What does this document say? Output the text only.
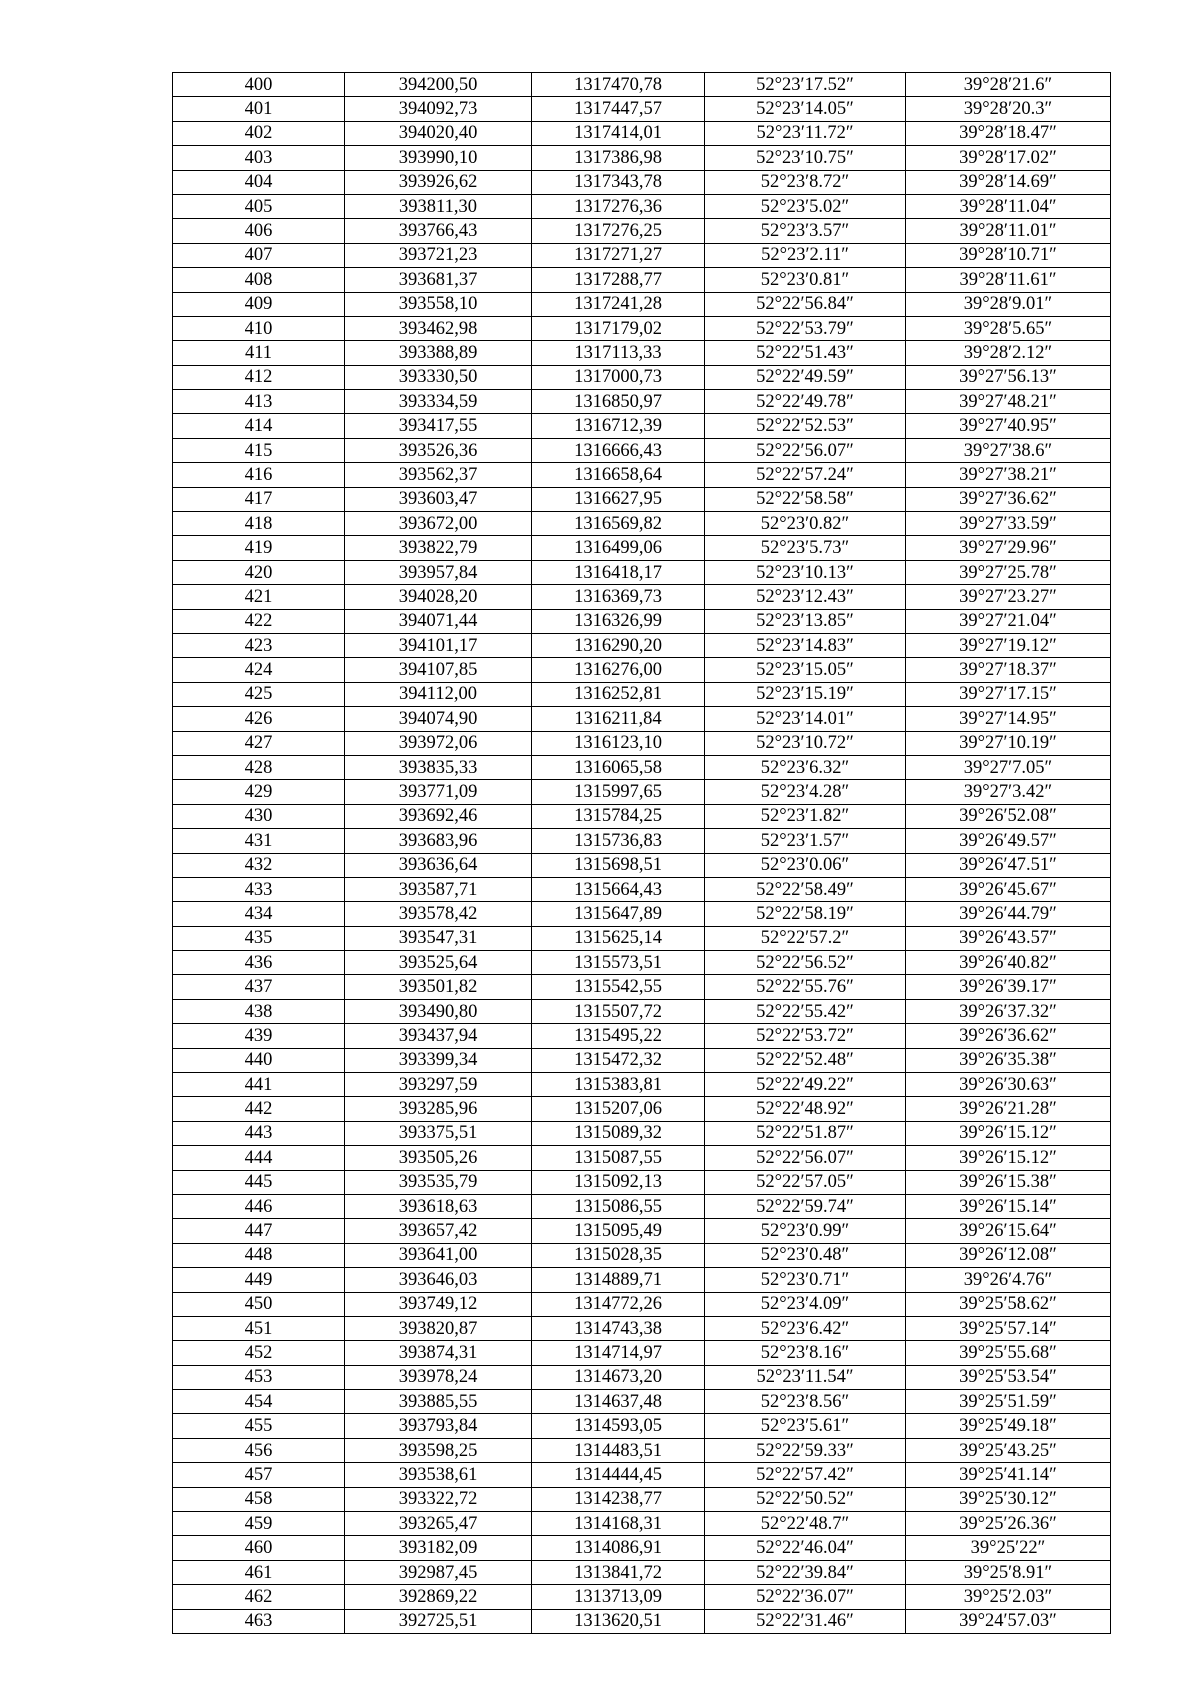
400	394200,50	1317470,78	52°23′17.52″	39°28′21.6″
401	394092,73	1317447,57	52°23′14.05″	39°28′20.3″
402	394020,40	1317414,01	52°23′11.72″	39°28′18.47″
403	393990,10	1317386,98	52°23′10.75″	39°28′17.02″
404	393926,62	1317343,78	52°23′8.72″	39°28′14.69″
405	393811,30	1317276,36	52°23′5.02″	39°28′11.04″
406	393766,43	1317276,25	52°23′3.57″	39°28′11.01″
407	393721,23	1317271,27	52°23′2.11″	39°28′10.71″
408	393681,37	1317288,77	52°23′0.81″	39°28′11.61″
409	393558,10	1317241,28	52°22′56.84″	39°28′9.01″
410	393462,98	1317179,02	52°22′53.79″	39°28′5.65″
411	393388,89	1317113,33	52°22′51.43″	39°28′2.12″
412	393330,50	1317000,73	52°22′49.59″	39°27′56.13″
413	393334,59	1316850,97	52°22′49.78″	39°27′48.21″
414	393417,55	1316712,39	52°22′52.53″	39°27′40.95″
415	393526,36	1316666,43	52°22′56.07″	39°27′38.6″
416	393562,37	1316658,64	52°22′57.24″	39°27′38.21″
417	393603,47	1316627,95	52°22′58.58″	39°27′36.62″
418	393672,00	1316569,82	52°23′0.82″	39°27′33.59″
419	393822,79	1316499,06	52°23′5.73″	39°27′29.96″
420	393957,84	1316418,17	52°23′10.13″	39°27′25.78″
421	394028,20	1316369,73	52°23′12.43″	39°27′23.27″
422	394071,44	1316326,99	52°23′13.85″	39°27′21.04″
423	394101,17	1316290,20	52°23′14.83″	39°27′19.12″
424	394107,85	1316276,00	52°23′15.05″	39°27′18.37″
425	394112,00	1316252,81	52°23′15.19″	39°27′17.15″
426	394074,90	1316211,84	52°23′14.01″	39°27′14.95″
427	393972,06	1316123,10	52°23′10.72″	39°27′10.19″
428	393835,33	1316065,58	52°23′6.32″	39°27′7.05″
429	393771,09	1315997,65	52°23′4.28″	39°27′3.42″
430	393692,46	1315784,25	52°23′1.82″	39°26′52.08″
431	393683,96	1315736,83	52°23′1.57″	39°26′49.57″
432	393636,64	1315698,51	52°23′0.06″	39°26′47.51″
433	393587,71	1315664,43	52°22′58.49″	39°26′45.67″
434	393578,42	1315647,89	52°22′58.19″	39°26′44.79″
435	393547,31	1315625,14	52°22′57.2″	39°26′43.57″
436	393525,64	1315573,51	52°22′56.52″	39°26′40.82″
437	393501,82	1315542,55	52°22′55.76″	39°26′39.17″
438	393490,80	1315507,72	52°22′55.42″	39°26′37.32″
439	393437,94	1315495,22	52°22′53.72″	39°26′36.62″
440	393399,34	1315472,32	52°22′52.48″	39°26′35.38″
441	393297,59	1315383,81	52°22′49.22″	39°26′30.63″
442	393285,96	1315207,06	52°22′48.92″	39°26′21.28″
443	393375,51	1315089,32	52°22′51.87″	39°26′15.12″
444	393505,26	1315087,55	52°22′56.07″	39°26′15.12″
445	393535,79	1315092,13	52°22′57.05″	39°26′15.38″
446	393618,63	1315086,55	52°22′59.74″	39°26′15.14″
447	393657,42	1315095,49	52°23′0.99″	39°26′15.64″
448	393641,00	1315028,35	52°23′0.48″	39°26′12.08″
449	393646,03	1314889,71	52°23′0.71″	39°26′4.76″
450	393749,12	1314772,26	52°23′4.09″	39°25′58.62″
451	393820,87	1314743,38	52°23′6.42″	39°25′57.14″
452	393874,31	1314714,97	52°23′8.16″	39°25′55.68″
453	393978,24	1314673,20	52°23′11.54″	39°25′53.54″
454	393885,55	1314637,48	52°23′8.56″	39°25′51.59″
455	393793,84	1314593,05	52°23′5.61″	39°25′49.18″
456	393598,25	1314483,51	52°22′59.33″	39°25′43.25″
457	393538,61	1314444,45	52°22′57.42″	39°25′41.14″
458	393322,72	1314238,77	52°22′50.52″	39°25′30.12″
459	393265,47	1314168,31	52°22′48.7″	39°25′26.36″
460	393182,09	1314086,91	52°22′46.04″	39°25′22″
461	392987,45	1313841,72	52°22′39.84″	39°25′8.91″
462	392869,22	1313713,09	52°22′36.07″	39°25′2.03″
463	392725,51	1313620,51	52°22′31.46″	39°24′57.03″
